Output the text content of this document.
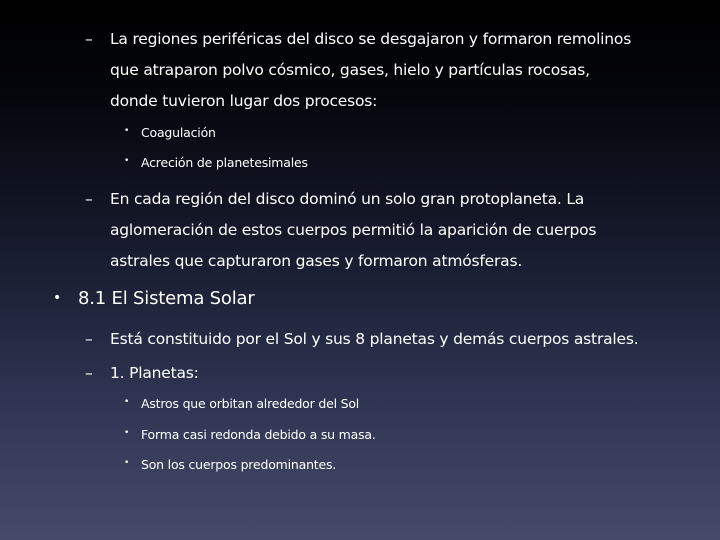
– La regiones periféricas del disco se desgajaron y formaron remolinos
que atraparon polvo cósmico, gases, hielo y partículas rocosas,
donde tuvieron lugar dos procesos:
• Coagulación
• Acreción de planetesimales
– En cada región del disco dominó un solo gran protoplaneta. La
aglomeración de estos cuerpos permitió la aparición de cuerpos
astrales que capturaron gases y formaron atmósferas.
• 8.1 El Sistema Solar
– Está constituido por el Sol y sus 8 planetas y demás cuerpos astrales.
– 1. Planetas:
• Astros que orbitan alrededor del Sol
• Forma casi redonda debido a su masa.
• Son los cuerpos predominantes.
